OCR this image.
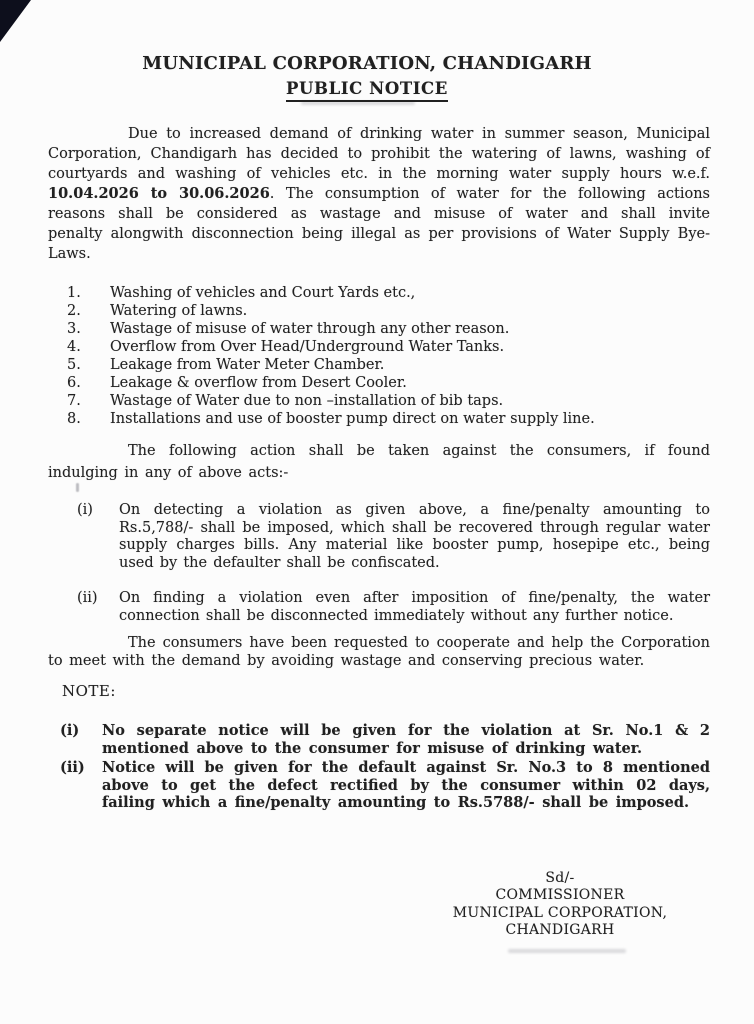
MUNICIPAL CORPORATION, CHANDIGARH
PUBLIC NOTICE

Due to increased demand of drinking water in summer season, Municipal Corporation, Chandigarh has decided to prohibit the watering of lawns, washing of courtyards and washing of vehicles etc. in the morning water supply hours w.e.f. 10.04.2026 to 30.06.2026. The consumption of water for the following actions reasons shall be considered as wastage and misuse of water and shall invite penalty alongwith disconnection being illegal as per provisions of Water Supply Bye-Laws.

1.	Washing of vehicles and Court Yards etc.,
2.	Watering of lawns.
3.	Wastage of misuse of water through any other reason.
4.	Overflow from Over Head/Underground Water Tanks.
5.	Leakage from Water Meter Chamber.
6.	Leakage & overflow from Desert Cooler.
7.	Wastage of Water due to non –installation of bib taps.
8.	Installations and use of booster pump direct on water supply line.

The following action shall be taken against the consumers, if found indulging in any of above acts:-

(i)	On detecting a violation as given above, a fine/penalty amounting to Rs.5,788/- shall be imposed, which shall be recovered through regular water supply charges bills. Any material like booster pump, hosepipe etc., being used by the defaulter shall be confiscated.
(ii)	On finding a violation even after imposition of fine/penalty, the water connection shall be disconnected immediately without any further notice.

The consumers have been requested to cooperate and help the Corporation to meet with the demand by avoiding wastage and conserving precious water.

NOTE:
(i)	No separate notice will be given for the violation at Sr. No.1 & 2 mentioned above to the consumer for misuse of drinking water.
(ii)	Notice will be given for the default against Sr. No.3 to 8 mentioned above to get the defect rectified by the consumer within 02 days, failing which a fine/penalty amounting to Rs.5788/- shall be imposed.
Sd/-
COMMISSIONER
MUNICIPAL CORPORATION,
CHANDIGARH
